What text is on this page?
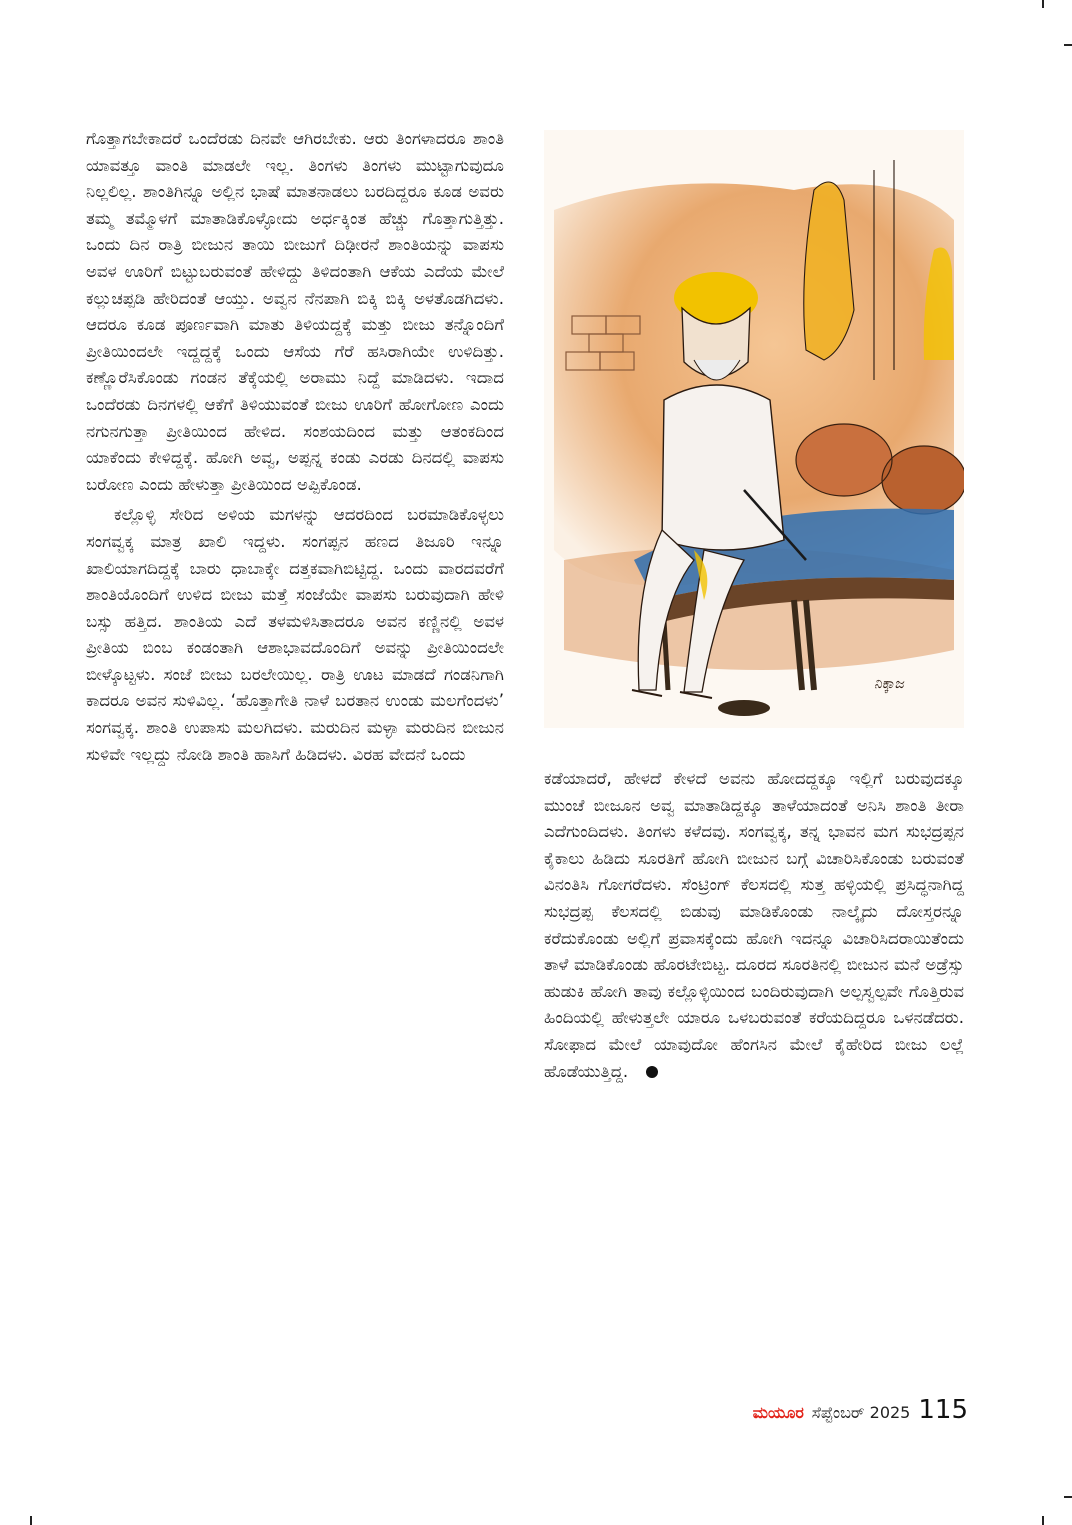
ಗೊತ್ತಾಗಬೇಕಾದರೆ ಒಂದೆರಡು ದಿನವೇ ಆಗಿರಬೇಕು. ಆರು ತಿಂಗಳಾದರೂ ಶಾಂತಿ ಯಾವತ್ತೂ ವಾಂತಿ ಮಾಡಲೇ ಇಲ್ಲ. ತಿಂಗಳು ತಿಂಗಳು ಮುಟ್ಟಾಗುವುದೂ ನಿಲ್ಲಲಿಲ್ಲ. ಶಾಂತಿಗಿನ್ನೂ ಅಲ್ಲಿನ ಭಾಷೆ ಮಾತನಾಡಲು ಬರದಿದ್ದರೂ ಕೂಡ ಅವರು ತಮ್ಮ ತಮ್ಮೊಳಗೆ ಮಾತಾಡಿಕೊಳ್ಳೋದು ಅರ್ಧಕ್ಕಿಂತ ಹೆಚ್ಚು ಗೊತ್ತಾಗುತ್ತಿತ್ತು. ಒಂದು ದಿನ ರಾತ್ರಿ ಬೀಜುನ ತಾಯಿ ಬೀಜುಗೆ ದಿಢೀರನೆ ಶಾಂತಿಯನ್ನು ವಾಪಸು ಅವಳ ಊರಿಗೆ ಬಿಟ್ಟುಬರುವಂತೆ ಹೇಳಿದ್ದು ತಿಳಿದಂತಾಗಿ ಆಕೆಯ ಎದೆಯ ಮೇಲೆ ಕಲ್ಲುಚಪ್ಪಡಿ ಹೇರಿದಂತೆ ಆಯ್ತು. ಅವ್ವನ ನೆನಪಾಗಿ ಬಿಕ್ಕಿ ಬಿಕ್ಕಿ ಅಳತೊಡಗಿದಳು. ಆದರೂ ಕೂಡ ಪೂರ್ಣವಾಗಿ ಮಾತು ತಿಳಿಯದ್ದಕ್ಕೆ ಮತ್ತು ಬೀಜು ತನ್ನೊಂದಿಗೆ ಪ್ರೀತಿಯಿಂದಲೇ ಇದ್ದದ್ದಕ್ಕೆ ಒಂದು ಆಸೆಯ ಗೆರೆ ಹಸಿರಾಗಿಯೇ ಉಳಿದಿತ್ತು. ಕಣ್ಣೊರೆಸಿಕೊಂಡು ಗಂಡನ ತೆಕ್ಕೆಯಲ್ಲಿ ಅರಾಮು ನಿದ್ದೆ ಮಾಡಿದಳು. ಇದಾದ ಒಂದೆರಡು ದಿನಗಳಲ್ಲಿ ಆಕೆಗೆ ತಿಳಿಯುವಂತೆ ಬೀಜು ಊರಿಗೆ ಹೋಗೋಣ ಎಂದು ನಗುನಗುತ್ತಾ ಪ್ರೀತಿಯಿಂದ ಹೇಳಿದ. ಸಂಶಯದಿಂದ ಮತ್ತು ಆತಂಕದಿಂದ ಯಾಕೆಂದು ಕೇಳಿದ್ದಕ್ಕೆ. ಹೋಗಿ ಅವ್ವ, ಅಪ್ಪನ್ನ ಕಂಡು ಎರಡು ದಿನದಲ್ಲಿ ವಾಪಸು ಬರೋಣ ಎಂದು ಹೇಳುತ್ತಾ ಪ್ರೀತಿಯಿಂದ ಅಪ್ಪಿಕೊಂಡ.

ಕಲ್ಲೊಳ್ಳಿ ಸೇರಿದ ಅಳಿಯ ಮಗಳನ್ನು ಆದರದಿಂದ ಬರಮಾಡಿಕೊಳ್ಳಲು ಸಂಗವ್ವಕ್ಕ ಮಾತ್ರ ಖಾಲಿ ಇದ್ದಳು. ಸಂಗಪ್ಪನ ಹಣದ ತಿಜೂರಿ ಇನ್ನೂ ಖಾಲಿಯಾಗದಿದ್ದಕ್ಕೆ ಬಾರು ಧಾಬಾಕ್ಕೇ ದತ್ತಕವಾಗಿಬಿಟ್ಟಿದ್ದ. ಒಂದು ವಾರದವರೆಗೆ ಶಾಂತಿಯೊಂದಿಗೆ ಉಳಿದ ಬೀಜು ಮತ್ತೆ ಸಂಜೆಯೇ ವಾಪಸು ಬರುವುದಾಗಿ ಹೇಳಿ ಬಸ್ಸು ಹತ್ತಿದ. ಶಾಂತಿಯ ಎದೆ ತಳಮಳಿಸಿತಾದರೂ ಅವನ ಕಣ್ಣಿನಲ್ಲಿ ಅವಳ ಪ್ರೀತಿಯ ಬಿಂಬ ಕಂಡಂತಾಗಿ ಆಶಾಭಾವದೊಂದಿಗೆ ಅವನ್ನು ಪ್ರೀತಿಯಿಂದಲೇ ಬೀಳ್ಕೊಟ್ಟಳು. ಸಂಜೆ ಬೀಜು ಬರಲೇಯಿಲ್ಲ. ರಾತ್ರಿ ಊಟ ಮಾಡದೆ ಗಂಡನಿಗಾಗಿ ಕಾದರೂ ಅವನ ಸುಳಿವಿಲ್ಲ. ‘ಹೊತ್ತಾಗೇತಿ ನಾಳೆ ಬರತಾನ ಉಂಡು ಮಲಗೆಂದಳು’ ಸಂಗವ್ವಕ್ಕ. ಶಾಂತಿ ಉಪಾಸು ಮಲಗಿದಳು. ಮರುದಿನ ಮಳ್ಳಾ ಮರುದಿನ ಬೀಜುನ ಸುಳಿವೇ ಇಲ್ಲದ್ದು ನೋಡಿ ಶಾಂತಿ ಹಾಸಿಗೆ ಹಿಡಿದಳು. ವಿರಹ ವೇದನೆ ಒಂದು

ನಿಕ್ಕಾಜ

ಕಡೆಯಾದರೆ, ಹೇಳದೆ ಕೇಳದೆ ಅವನು ಹೋದದ್ದಕ್ಕೂ ಇಲ್ಲಿಗೆ ಬರುವುದಕ್ಕೂ ಮುಂಚೆ ಬೀಜೂನ ಅವ್ವ ಮಾತಾಡಿದ್ದಕ್ಕೂ ತಾಳೆಯಾದಂತೆ ಅನಿಸಿ ಶಾಂತಿ ತೀರಾ ಎದೆಗುಂದಿದಳು. ತಿಂಗಳು ಕಳೆದವು. ಸಂಗವ್ವಕ್ಕ, ತನ್ನ ಭಾವನ ಮಗ ಸುಭದ್ರಪ್ಪನ ಕೈಕಾಲು ಹಿಡಿದು ಸೂರತಿಗೆ ಹೋಗಿ ಬೀಜುನ ಬಗ್ಗೆ ವಿಚಾರಿಸಿಕೊಂಡು ಬರುವಂತೆ ವಿನಂತಿಸಿ ಗೋಗರೆದಳು. ಸೆಂಟ್ರಿಂಗ್ ಕೆಲಸದಲ್ಲಿ ಸುತ್ತ ಹಳ್ಳಿಯಲ್ಲಿ ಪ್ರಸಿದ್ಧನಾಗಿದ್ದ ಸುಭದ್ರಪ್ಪ ಕೆಲಸದಲ್ಲಿ ಬಿಡುವು ಮಾಡಿಕೊಂಡು ನಾಲ್ಕೈದು ದೋಸ್ತರನ್ನೂ ಕರೆದುಕೊಂಡು ಅಲ್ಲಿಗೆ ಪ್ರವಾಸಕ್ಕೆಂದು ಹೋಗಿ ಇದನ್ನೂ ವಿಚಾರಿಸಿದರಾಯಿತೆಂದು ತಾಳೆ ಮಾಡಿಕೊಂಡು ಹೊರಟೇಬಿಟ್ಟ. ದೂರದ ಸೂರತಿನಲ್ಲಿ ಬೀಜುನ ಮನೆ ಅಡ್ರೆಸ್ಸು ಹುಡುಕಿ ಹೋಗಿ ತಾವು ಕಲ್ಲೊಳ್ಳಿಯಿಂದ ಬಂದಿರುವುದಾಗಿ ಅಲ್ಪಸ್ವಲ್ಪವೇ ಗೊತ್ತಿರುವ ಹಿಂದಿಯಲ್ಲಿ ಹೇಳುತ್ತಲೇ ಯಾರೂ ಒಳಬರುವಂತೆ ಕರೆಯದಿದ್ದರೂ ಒಳನಡೆದರು. ಸೋಫಾದ ಮೇಲೆ ಯಾವುದೋ ಹೆಂಗಸಿನ ಮೇಲೆ ಕೈಹೇರಿದ ಬೀಜು ಲಲ್ಲೆ ಹೊಡೆಯುತ್ತಿದ್ದ.

ಮಯೂರ ಸೆಪ್ಟೆಂಬರ್ 2025 115
